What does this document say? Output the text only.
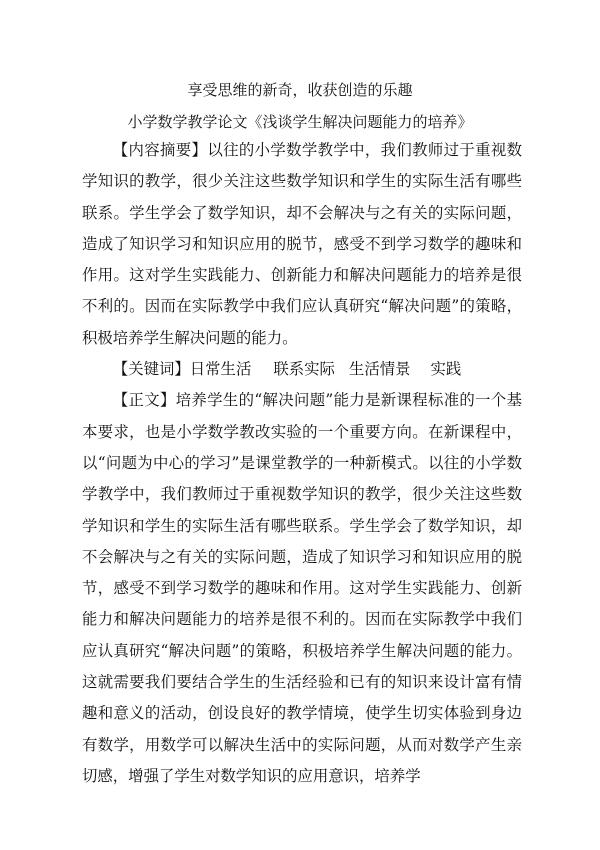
享受思维的新奇，收获创造的乐趣
小学数学教学论文《浅谈学生解决问题能力的培养》

【内容摘要】以往的小学数学教学中，我们教师过于重视数学知识的教学，很少关注这些数学知识和学生的实际生活有哪些联系。学生学会了数学知识，却不会解决与之有关的实际问题，造成了知识学习和知识应用的脱节，感受不到学习数学的趣味和作用。这对学生实践能力、创新能力和解决问题能力的培养是很不利的。因而在实际教学中我们应认真研究“解决问题”的策略，积极培养学生解决问题的能力。

【关键词】日常生活 联系实际 生活情景 实践

【正文】培养学生的“解决问题”能力是新课程标准的一个基本要求，也是小学数学教改实验的一个重要方向。在新课程中，以“问题为中心的学习”是课堂教学的一种新模式。以往的小学数学教学中，我们教师过于重视数学知识的教学，很少关注这些数学知识和学生的实际生活有哪些联系。学生学会了数学知识，却不会解决与之有关的实际问题，造成了知识学习和知识应用的脱节，感受不到学习数学的趣味和作用。这对学生实践能力、创新能力和解决问题能力的培养是很不利的。因而在实际教学中我们应认真研究“解决问题”的策略，积极培养学生解决问题的能力。这就需要我们要结合学生的生活经验和已有的知识来设计富有情趣和意义的活动，创设良好的教学情境，使学生切实体验到身边有数学，用数学可以解决生活中的实际问题，从而对数学产生亲切感，增强了学生对数学知识的应用意识，培养学
